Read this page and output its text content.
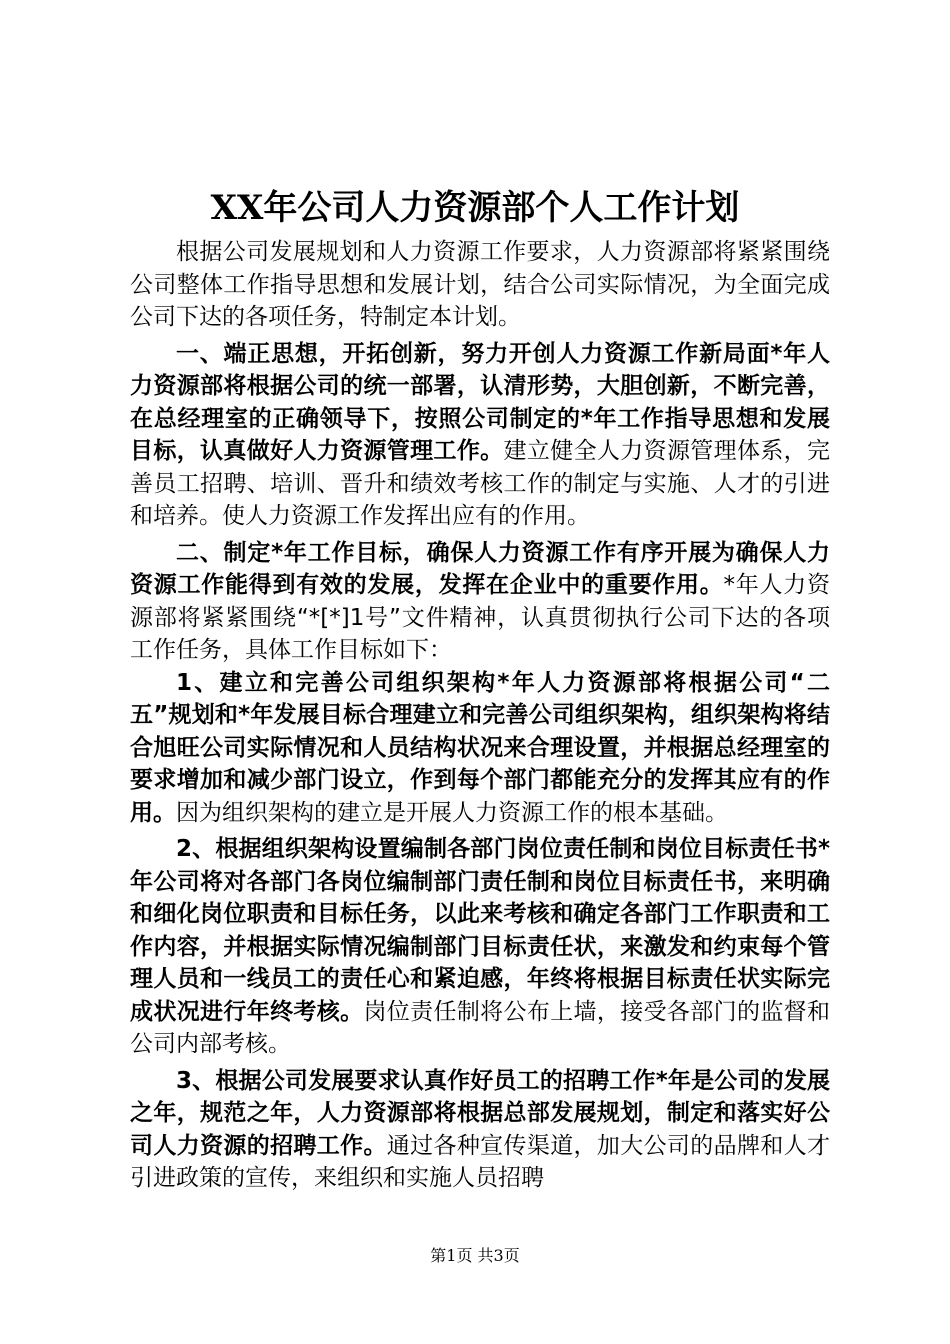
XX年公司人力资源部个人工作计划

根据公司发展规划和人力资源工作要求，人力资源部将紧紧围绕公司整体工作指导思想和发展计划，结合公司实际情况，为全面完成公司下达的各项任务，特制定本计划。

一、端正思想，开拓创新，努力开创人力资源工作新局面*年人力资源部将根据公司的统一部署，认清形势，大胆创新，不断完善，在总经理室的正确领导下，按照公司制定的*年工作指导思想和发展目标，认真做好人力资源管理工作。建立健全人力资源管理体系，完善员工招聘、培训、晋升和绩效考核工作的制定与实施、人才的引进和培养。使人力资源工作发挥出应有的作用。

二、制定*年工作目标，确保人力资源工作有序开展为确保人力资源工作能得到有效的发展，发挥在企业中的重要作用。*年人力资源部将紧紧围绕“*[*]1号”文件精神，认真贯彻执行公司下达的各项工作任务，具体工作目标如下：

1、建立和完善公司组织架构*年人力资源部将根据公司“二五”规划和*年发展目标合理建立和完善公司组织架构，组织架构将结合旭旺公司实际情况和人员结构状况来合理设置，并根据总经理室的要求增加和减少部门设立，作到每个部门都能充分的发挥其应有的作用。因为组织架构的建立是开展人力资源工作的根本基础。

2、根据组织架构设置编制各部门岗位责任制和岗位目标责任书*年公司将对各部门各岗位编制部门责任制和岗位目标责任书，来明确和细化岗位职责和目标任务，以此来考核和确定各部门工作职责和工作内容，并根据实际情况编制部门目标责任状，来激发和约束每个管理人员和一线员工的责任心和紧迫感，年终将根据目标责任状实际完成状况进行年终考核。岗位责任制将公布上墙，接受各部门的监督和公司内部考核。

3、根据公司发展要求认真作好员工的招聘工作*年是公司的发展之年，规范之年，人力资源部将根据总部发展规划，制定和落实好公司人力资源的招聘工作。通过各种宣传渠道，加大公司的品牌和人才引进政策的宣传，来组织和实施人员招聘

第1页 共3页
